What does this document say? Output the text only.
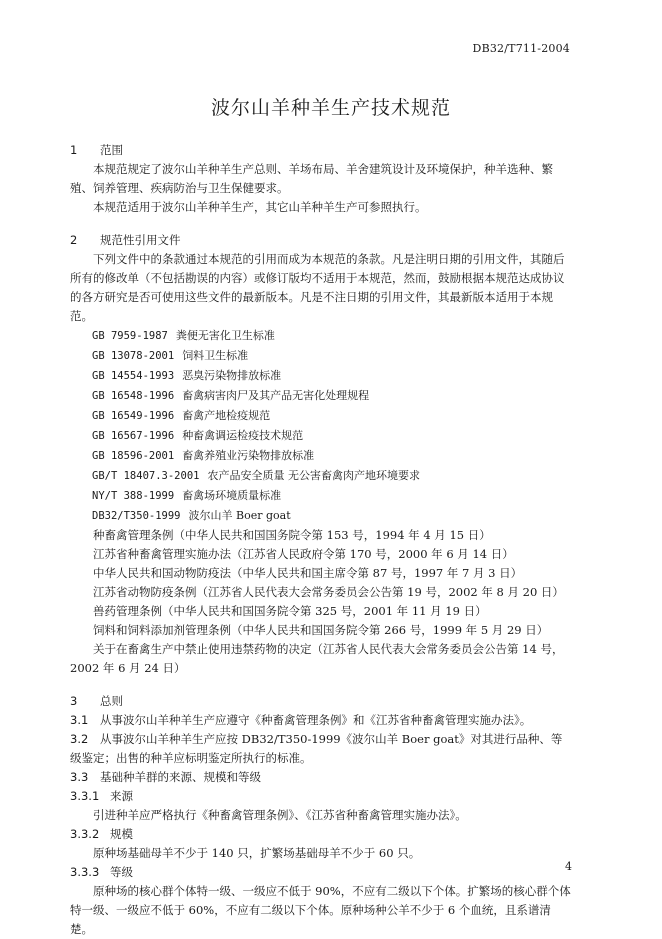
DB32/T711-2004
波尔山羊种羊生产技术规范
1 范围
本规范规定了波尔山羊种羊生产总则、羊场布局、羊舍建筑设计及环境保护，种羊选种、繁殖、饲养管理、疾病防治与卫生保健要求。
本规范适用于波尔山羊种羊生产，其它山羊种羊生产可参照执行。
2 规范性引用文件
下列文件中的条款通过本规范的引用而成为本规范的条款。凡是注明日期的引用文件，其随后所有的修改单（不包括勘误的内容）或修订版均不适用于本规范，然而，鼓励根据本规范达成协议的各方研究是否可使用这些文件的最新版本。凡是不注日期的引用文件，其最新版本适用于本规范。
GB 7959-1987 粪便无害化卫生标准
GB 13078-2001 饲料卫生标准
GB 14554-1993 恶臭污染物排放标准
GB 16548-1996 畜禽病害肉尸及其产品无害化处理规程
GB 16549-1996 畜禽产地检疫规范
GB 16567-1996 种畜禽调运检疫技术规范
GB 18596-2001 畜禽养殖业污染物排放标准
GB/T 18407.3-2001 农产品安全质量 无公害畜禽肉产地环境要求
NY/T 388-1999 畜禽场环境质量标准
DB32/T350-1999 波尔山羊 Boer goat
种畜禽管理条例（中华人民共和国国务院令第 153 号，1994 年 4 月 15 日）
江苏省种畜禽管理实施办法（江苏省人民政府令第 170 号，2000 年 6 月 14 日）
中华人民共和国动物防疫法（中华人民共和国主席令第 87 号，1997 年 7 月 3 日）
江苏省动物防疫条例（江苏省人民代表大会常务委员会公告第 19 号，2002 年 8 月 20 日）
兽药管理条例（中华人民共和国国务院令第 325 号，2001 年 11 月 19 日）
饲料和饲料添加剂管理条例（中华人民共和国国务院令第 266 号，1999 年 5 月 29 日）
关于在畜禽生产中禁止使用违禁药物的决定（江苏省人民代表大会常务委员会公告第 14 号，2002 年 6 月 24 日）
3 总则
3.1 从事波尔山羊种羊生产应遵守《种畜禽管理条例》和《江苏省种畜禽管理实施办法》。
3.2 从事波尔山羊种羊生产应按 DB32/T350-1999《波尔山羊 Boer goat》对其进行品种、等级鉴定；出售的种羊应标明鉴定所执行的标准。
3.3 基础种羊群的来源、规模和等级
3.3.1 来源
引进种羊应严格执行《种畜禽管理条例》、《江苏省种畜禽管理实施办法》。
3.3.2 规模
原种场基础母羊不少于 140 只，扩繁场基础母羊不少于 60 只。
3.3.3 等级
原种场的核心群个体特一级、一级应不低于 90%，不应有二级以下个体。扩繁场的核心群个体特一级、一级应不低于 60%，不应有二级以下个体。原种场种公羊不少于 6 个血统，且系谱清楚。
4
